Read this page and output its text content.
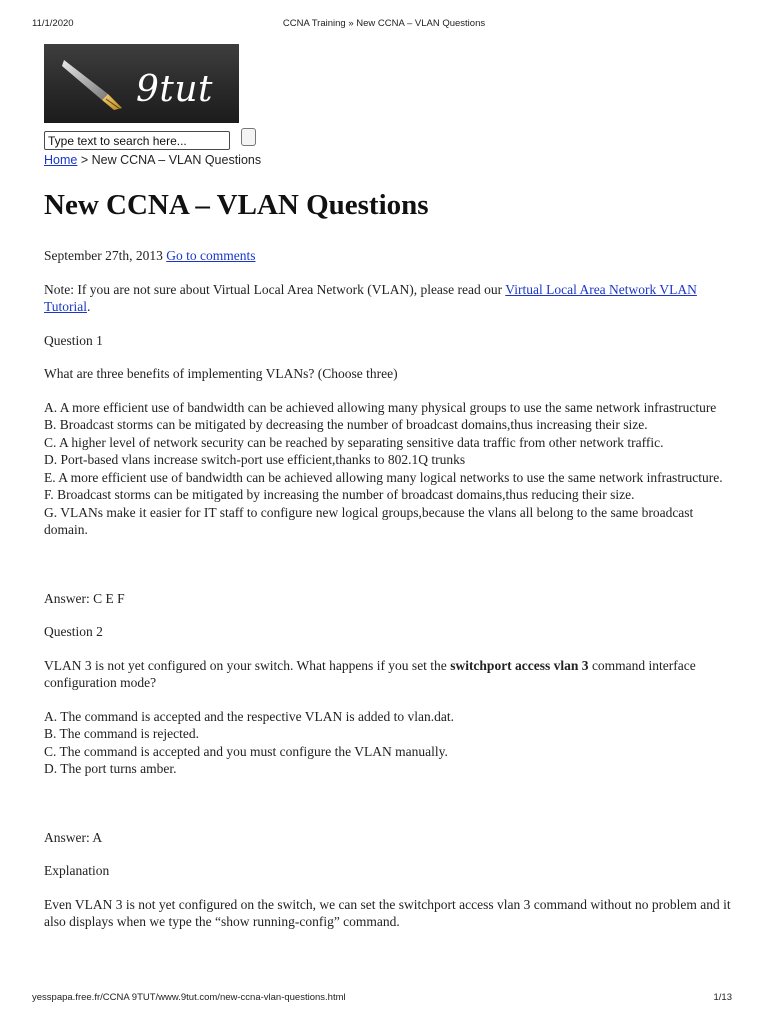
11/1/2020	CCNA Training » New CCNA – VLAN Questions
9tut
Type text to search here...
Home > New CCNA – VLAN Questions
New CCNA – VLAN Questions

September 27th, 2013 Go to comments

Note: If you are not sure about Virtual Local Area Network (VLAN), please read our Virtual Local Area Network VLAN Tutorial.

Question 1

What are three benefits of implementing VLANs? (Choose three)

A. A more efficient use of bandwidth can be achieved allowing many physical groups to use the same network infrastructure

B. Broadcast storms can be mitigated by decreasing the number of broadcast domains,thus increasing their size.

C. A higher level of network security can be reached by separating sensitive data traffic from other network traffic.

D. Port-based vlans increase switch-port use efficient,thanks to 802.1Q trunks

E. A more efficient use of bandwidth can be achieved allowing many logical networks to use the same network infrastructure.

F. Broadcast storms can be mitigated by increasing the number of broadcast domains,thus reducing their size.

G. VLANs make it easier for IT staff to configure new logical groups,because the vlans all belong to the same broadcast domain.

Answer: C E F

Question 2

VLAN 3 is not yet configured on your switch. What happens if you set the switchport access vlan 3 command interface configuration mode?

A. The command is accepted and the respective VLAN is added to vlan.dat.

B. The command is rejected.

C. The command is accepted and you must configure the VLAN manually.

D. The port turns amber.

Answer: A

Explanation

Even VLAN 3 is not yet configured on the switch, we can set the switchport access vlan 3 command without no problem and it also displays when we type the “show running-config” command.

yesspapa.free.fr/CCNA 9TUT/www.9tut.com/new-ccna-vlan-questions.html	1/13
